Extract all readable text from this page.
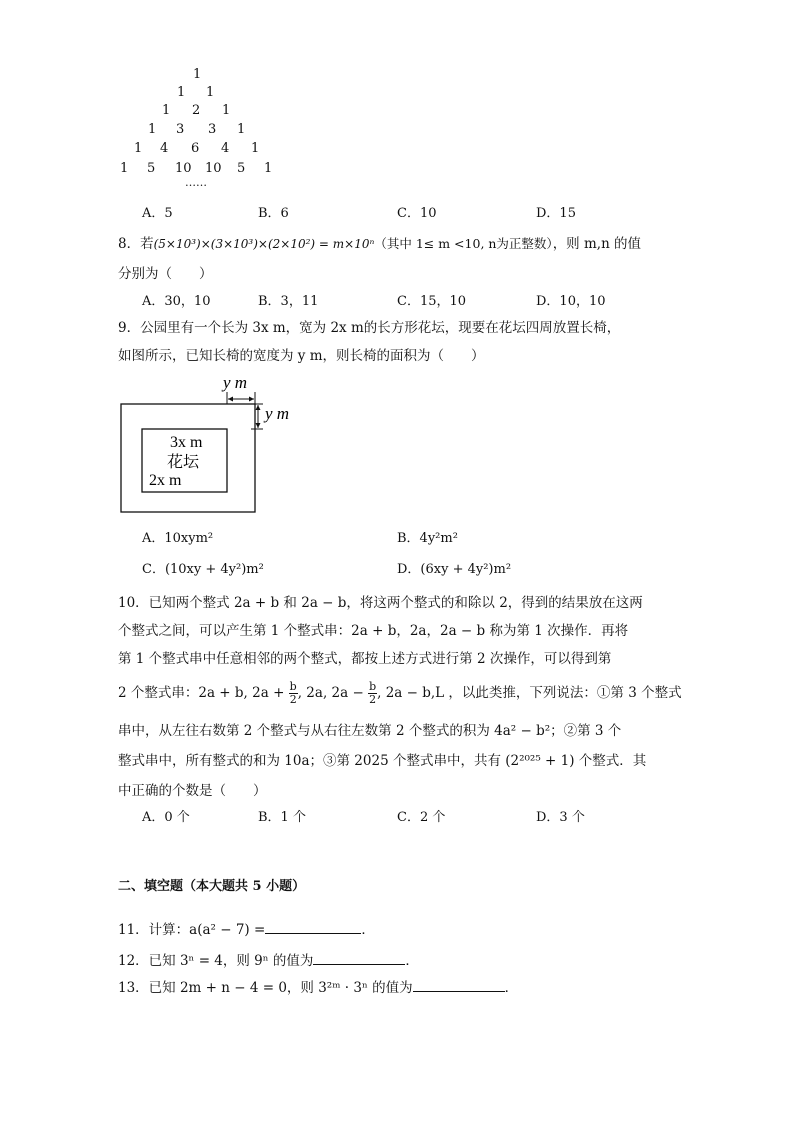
1
1 1
1 2 1
1 3 3 1
1 4 6 4 1
1 5 10 10 5 1
……
A．5	B．6	C．10	D．15
8．若(5×10³)×(3×10³)×(2×10²) = m×10ⁿ（其中 1≤ m <10, n为正整数），则 m,n 的值
分别为（　　）
A．30，10	B．3，11	C．15，10	D．10，10
9．公园里有一个长为 3x m，宽为 2x m的长方形花坛，现要在花坛四周放置长椅，
如图所示，已知长椅的宽度为 y m，则长椅的面积为（　　）
y m
y m
3x m
花坛
2x m
A．10xym²	B．4y²m²
C．(10xy + 4y²)m²	D．(6xy + 4y²)m²
10．已知两个整式 2a + b 和 2a − b，将这两个整式的和除以 2，得到的结果放在这两
个整式之间，可以产生第 1 个整式串：2a + b，2a，2a − b 称为第 1 次操作．再将
第 1 个整式串中任意相邻的两个整式，都按上述方式进行第 2 次操作，可以得到第
2 个整式串：2a + b, $2a + \frac{b}{2}$ , 2a, $2a - \frac{b}{2}$ , 2a − b,L ，以此类推，下列说法：①第 3 个整式
串中，从左往右数第 2 个整式与从右往左数第 2 个整式的积为 4a² − b²；②第 3 个
整式串中，所有整式的和为 10a；③第 2025 个整式串中，共有 (2²⁰²⁵ + 1) 个整式．其
中正确的个数是（　　）
A．0 个	B．1 个	C．2 个	D．3 个
二、填空题（本大题共 5 小题）
11．计算：a(a² − 7) =	．
12．已知 3ⁿ = 4，则 9ⁿ 的值为	．
13．已知 2m + n − 4 = 0，则 3²ᵐ · 3ⁿ 的值为	．
